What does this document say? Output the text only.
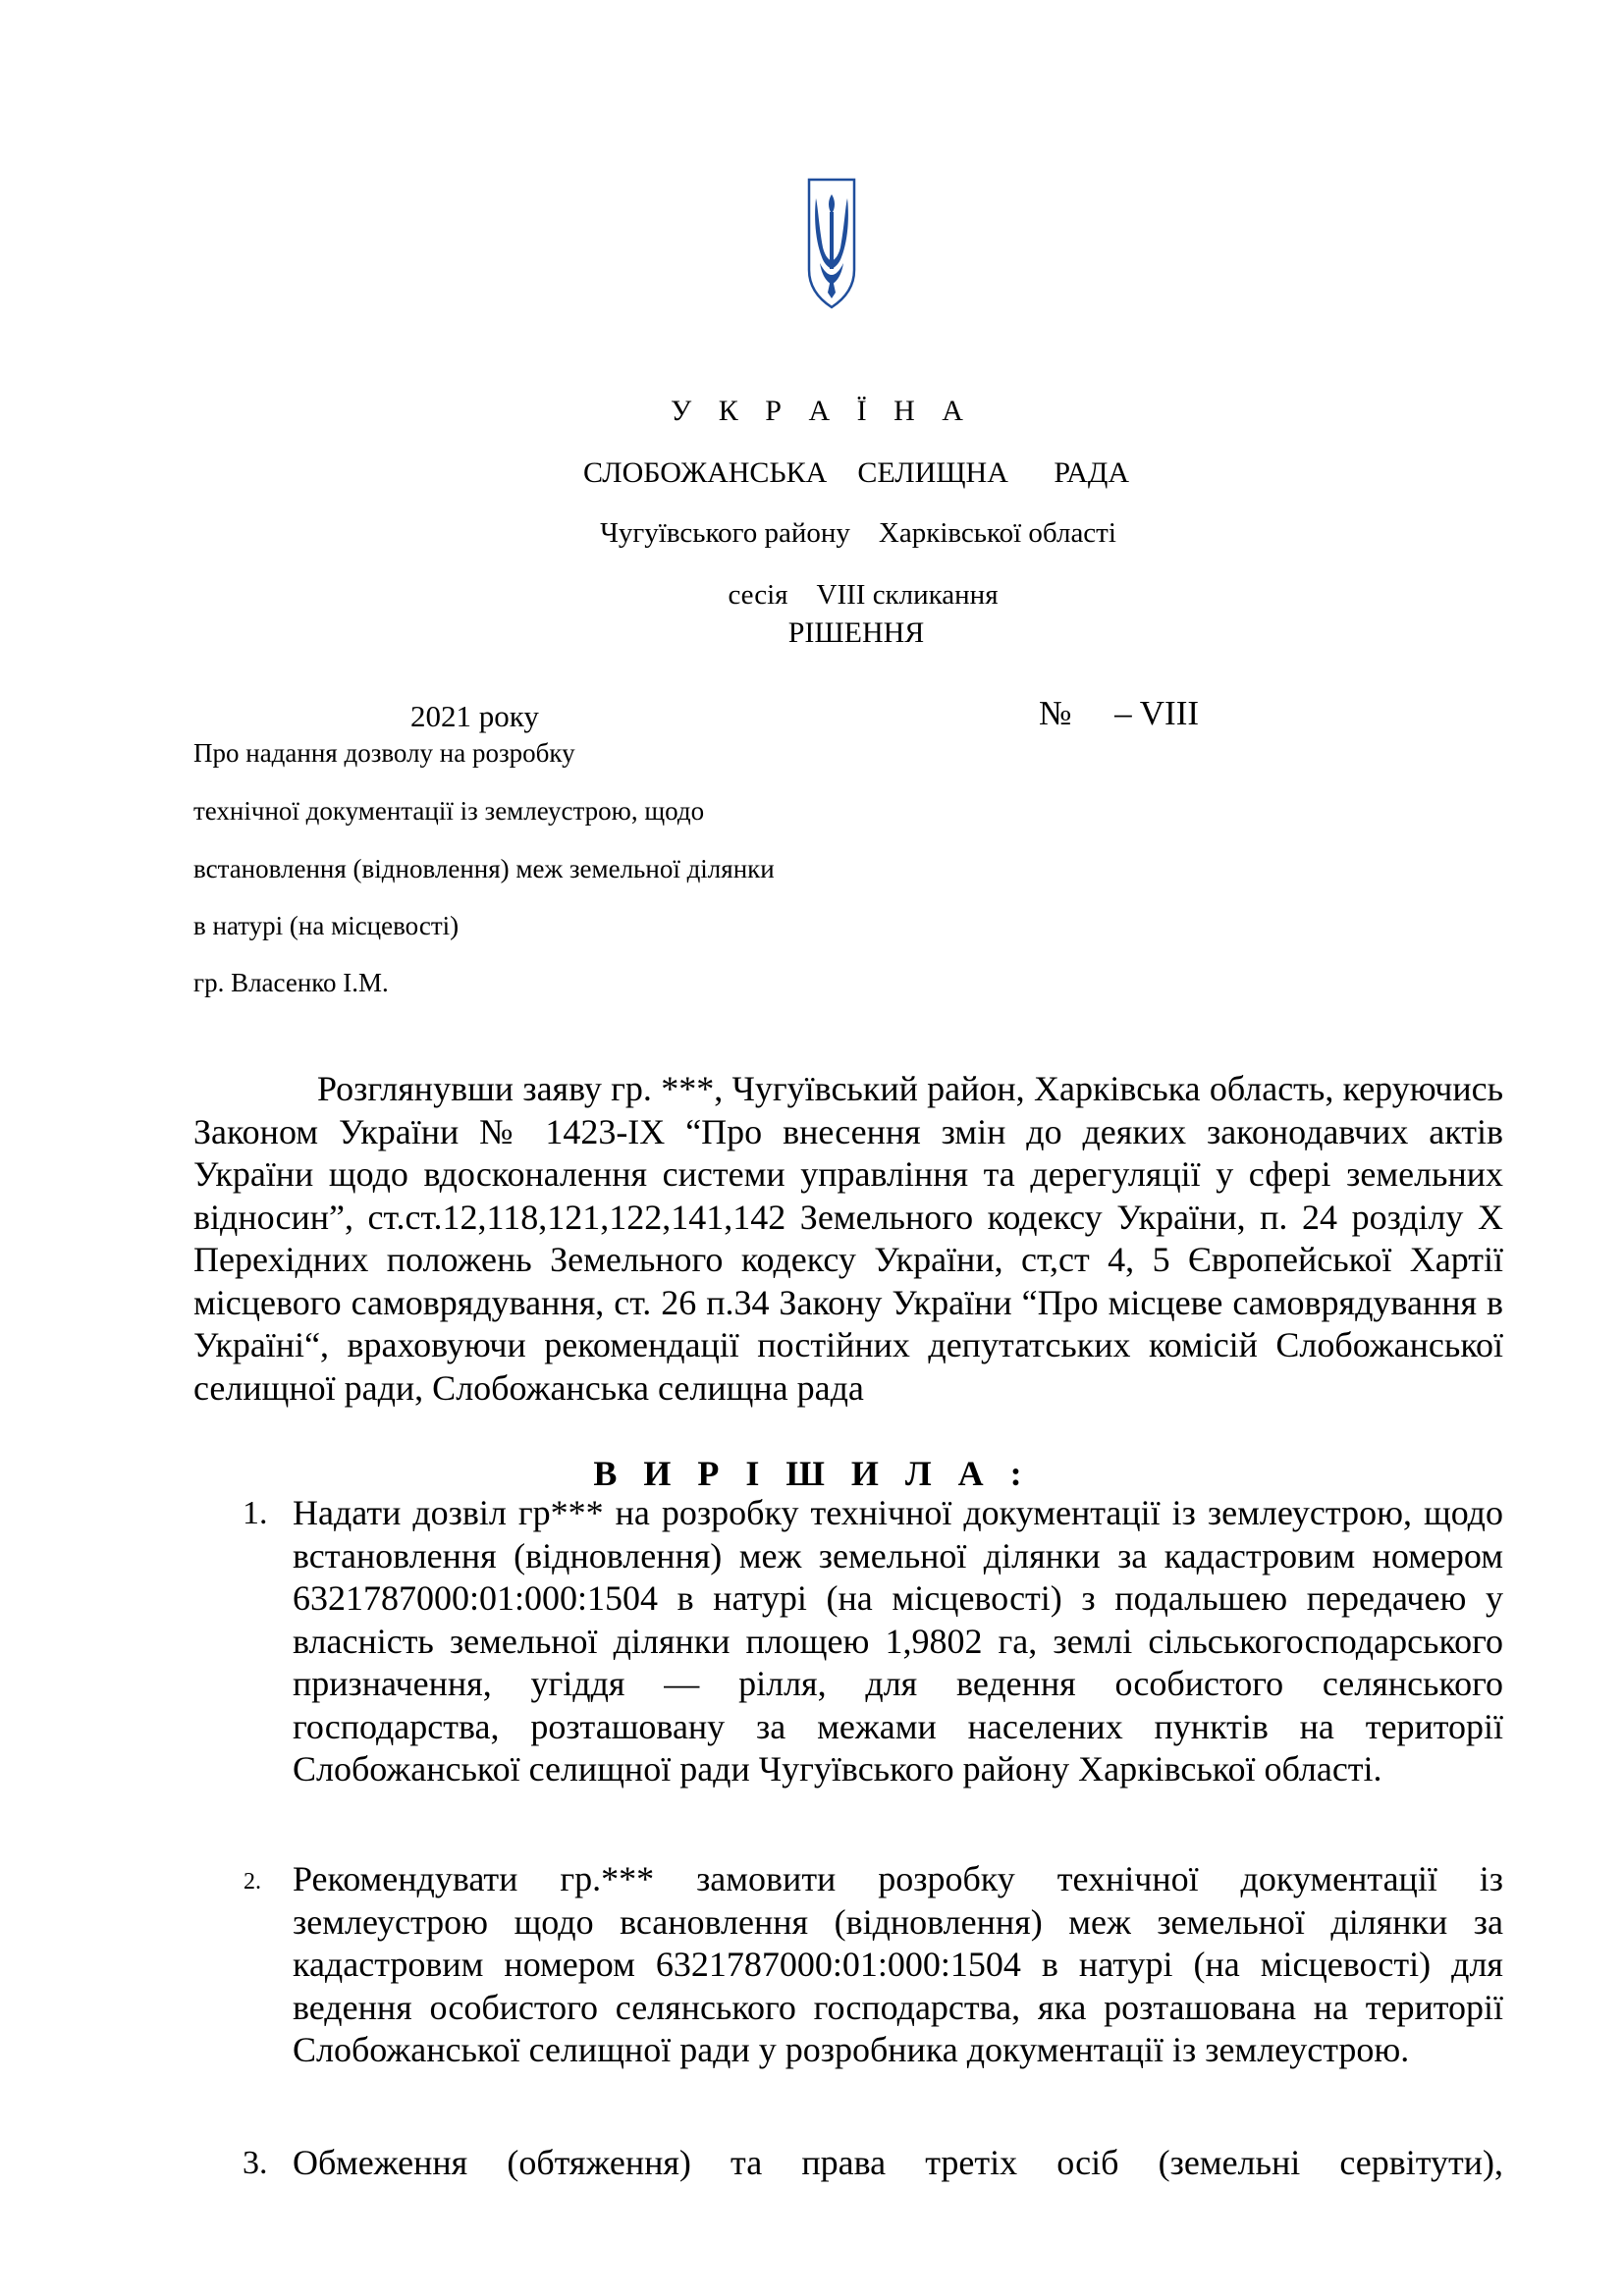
У К Р А Ї Н А
СЛОБОЖАНСЬКА  СЕЛИЩНА   РАДА
Чугуївського району    Харківської області
сесія    VIII скликання
РІШЕННЯ
2021 року	№     – VIII
Про надання дозволу на розробку
технічної документації із землеустрою, щодо
встановлення (відновлення) меж земельної ділянки
в натурі (на місцевості)
гр. Власенко І.М.

Розглянувши заяву гр. ***, Чугуївський район, Харківська область, керуючись Законом України № 1423-IX “Про внесення змін до деяких законодавчих актів України щодо вдосконалення системи управління та дерегуляції у сфері земельних відносин”, ст.ст.12,118,121,122,141,142 Земельного кодексу України, п. 24 розділу Х Перехідних положень Земельного кодексу України, ст,ст 4, 5 Європейської Хартії місцевого самоврядування, ст. 26 п.34 Закону України “Про місцеве самоврядування в Україні“, враховуючи рекомендації постійних депутатських комісій Слобожанської селищної ради, Слобожанська селищна рада

В И Р І Ш И Л А :
1. Надати дозвіл гр*** на розробку технічної документації із землеустрою, щодо встановлення (відновлення) меж земельної ділянки за кадастровим номером 6321787000:01:000:1504 в натурі (на місцевості) з подальшею передачею у власність земельної ділянки площею 1,9802 га, землі сільськогосподарського призначення, угіддя — рілля, для ведення особистого селянського господарства, розташовану за межами населених пунктів на території Слобожанської селищної ради Чугуївського району Харківської області.

2. Рекомендувати гр.*** замовити розробку технічної документації із землеустрою щодо всановлення (відновлення) меж земельної ділянки за кадастровим номером 6321787000:01:000:1504 в натурі (на місцевості) для ведення особистого селянського господарства, яка розташована на території Слобожанської селищної ради у розробника документації із землеустрою.

3. Обмеження (обтяження) та права третіх осіб (земельні сервітути),
